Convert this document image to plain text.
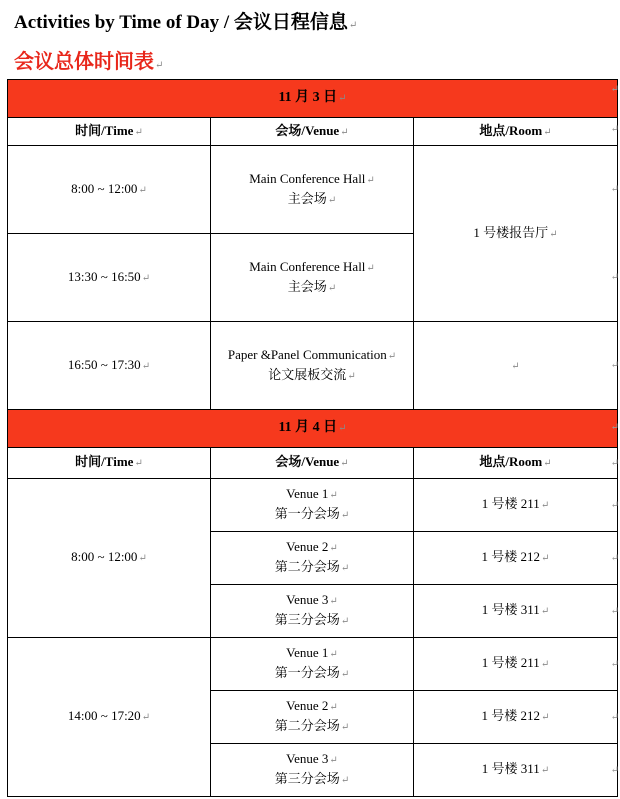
Activities by Time of Day / 会议日程信息↵
会议总体时间表↵
11 月 3 日↵		
时间/Time↵	会场/Venue↵	地点/Room↵
8:00 ~ 12:00↵	Main Conference Hall↵
主会场↵	1 号楼报告厅↵
13:30 ~ 16:50↵	Main Conference Hall↵
主会场↵	

16:50 ~ 17:30↵	Paper &Panel Communication↵
论文展板交流↵	↵
11 月 4 日↵		
时间/Time↵	会场/Venue↵	地点/Room↵
8:00 ~ 12:00↵	Venue 1↵
第一分会场↵	1 号楼 211↵

	Venue 2↵
第二分会场↵	1 号楼 212↵

	Venue 3↵
第三分会场↵	1 号楼 311↵
14:00 ~ 17:20↵	Venue 1↵
第一分会场↵	1 号楼 211↵

	Venue 2↵
第二分会场↵	1 号楼 212↵

	Venue 3↵
第三分会场↵	1 号楼 311↵
↵
↵
↵
↵
↵
↵
↵
↵
↵
↵
↵
↵
↵
